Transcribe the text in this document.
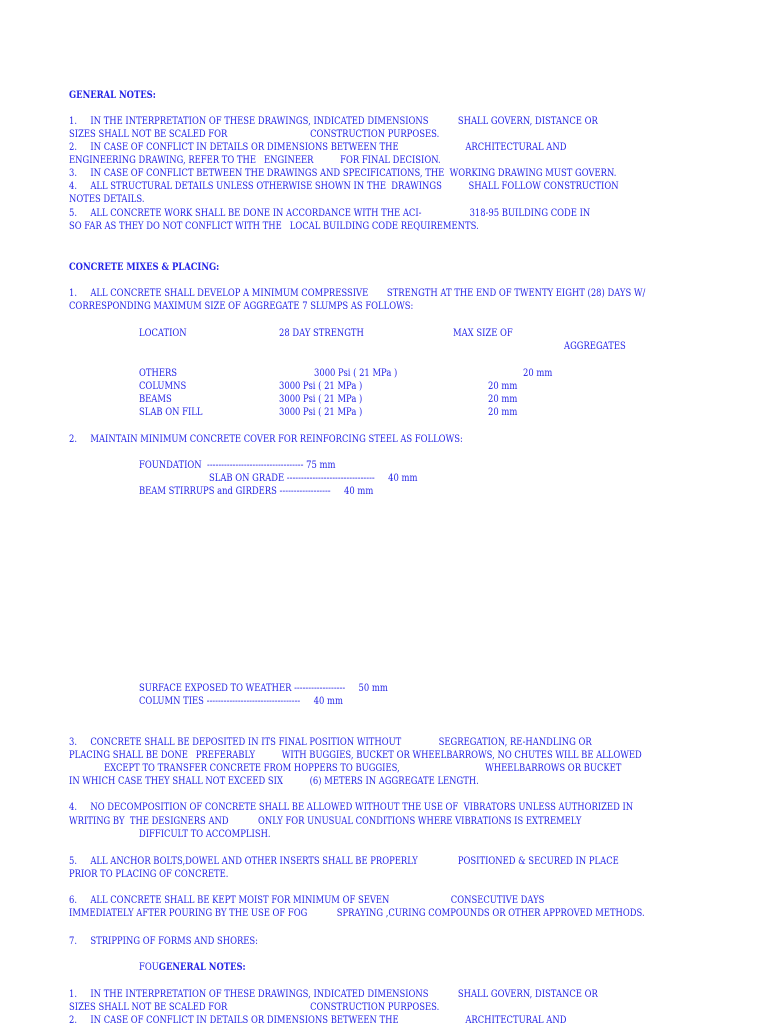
GENERAL NOTES:
1.     IN THE INTERPRETATION OF THESE DRAWINGS, INDICATED DIMENSIONS           SHALL GOVERN, DISTANCE OR
SIZES SHALL NOT BE SCALED FOR                               CONSTRUCTION PURPOSES.
2.     IN CASE OF CONFLICT IN DETAILS OR DIMENSIONS BETWEEN THE                         ARCHITECTURAL AND
ENGINEERING DRAWING, REFER TO THE   ENGINEER          FOR FINAL DECISION.
3.     IN CASE OF CONFLICT BETWEEN THE DRAWINGS AND SPECIFICATIONS, THE  WORKING DRAWING MUST GOVERN.
4.     ALL STRUCTURAL DETAILS UNLESS OTHERWISE SHOWN IN THE  DRAWINGS          SHALL FOLLOW CONSTRUCTION
NOTES DETAILS.
5.     ALL CONCRETE WORK SHALL BE DONE IN ACCORDANCE WITH THE ACI-                  318-95 BUILDING CODE IN
SO FAR AS THEY DO NOT CONFLICT WITH THE   LOCAL BUILDING CODE REQUIREMENTS.
CONCRETE MIXES & PLACING:
1.     ALL CONCRETE SHALL DEVELOP A MINIMUM COMPRESSIVE       STRENGTH AT THE END OF TWENTY EIGHT (28) DAYS W/
CORRESPONDING MAXIMUM SIZE OF AGGREGATE 7 SLUMPS AS FOLLOWS:
LOCATION	28 DAY STRENGTH	MAX SIZE OF
AGGREGATES
OTHERS	3000 Psi ( 21 MPa )	20 mm
COLUMNS	3000 Psi ( 21 MPa )	20 mm
BEAMS	3000 Psi ( 21 MPa )	20 mm
SLAB ON FILL	3000 Psi ( 21 MPa )	20 mm
2.     MAINTAIN MINIMUM CONCRETE COVER FOR REINFORCING STEEL AS FOLLOWS:
FOUNDATION  ---------------------------------- 75 mm
SLAB ON GRADE -------------------------------     40 mm
BEAM STIRRUPS and GIRDERS ------------------     40 mm
SURFACE EXPOSED TO WEATHER ------------------     50 mm
COLUMN TIES ---------------------------------     40 mm
3.     CONCRETE SHALL BE DEPOSITED IN ITS FINAL POSITION WITHOUT              SEGREGATION, RE-HANDLING OR
PLACING SHALL BE DONE   PREFERABLY          WITH BUGGIES, BUCKET OR WHEELBARROWS, NO CHUTES WILL BE ALLOWED
EXCEPT TO TRANSFER CONCRETE FROM HOPPERS TO BUGGIES,                                WHEELBARROWS OR BUCKET
IN WHICH CASE THEY SHALL NOT EXCEED SIX          (6) METERS IN AGGREGATE LENGTH.
4.     NO DECOMPOSITION OF CONCRETE SHALL BE ALLOWED WITHOUT THE USE OF  VIBRATORS UNLESS AUTHORIZED IN
WRITING BY  THE DESIGNERS AND           ONLY FOR UNUSUAL CONDITIONS WHERE VIBRATIONS IS EXTREMELY
DIFFICULT TO ACCOMPLISH.
5.     ALL ANCHOR BOLTS,DOWEL AND OTHER INSERTS SHALL BE PROPERLY               POSITIONED & SECURED IN PLACE
PRIOR TO PLACING OF CONCRETE.
6.     ALL CONCRETE SHALL BE KEPT MOIST FOR MINIMUM OF SEVEN                       CONSECUTIVE DAYS
IMMEDIATELY AFTER POURING BY THE USE OF FOG           SPRAYING ,CURING COMPOUNDS OR OTHER APPROVED METHODS.
7.     STRIPPING OF FORMS AND SHORES:
FOUGENERAL NOTES:
1.     IN THE INTERPRETATION OF THESE DRAWINGS, INDICATED DIMENSIONS           SHALL GOVERN, DISTANCE OR
SIZES SHALL NOT BE SCALED FOR                               CONSTRUCTION PURPOSES.
2.     IN CASE OF CONFLICT IN DETAILS OR DIMENSIONS BETWEEN THE                         ARCHITECTURAL AND
